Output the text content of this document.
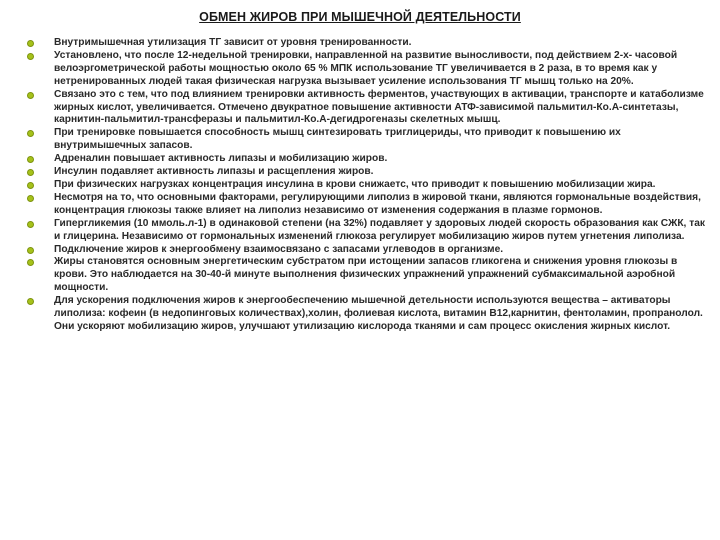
ОБМЕН ЖИРОВ ПРИ МЫШЕЧНОЙ ДЕЯТЕЛЬНОСТИ
Внутримышечная утилизация ТГ зависит от уровня тренированности.
Установлено, что после 12-недельной тренировки, направленной на развитие выносливости, под действием 2-х- часовой велоэргометрической работы мощностью около 65 % МПК использование ТГ увеличивается в 2 раза, в то время как у нетренированных людей такая физическая нагрузка вызывает усиление использования ТГ мышц только на 20%.
Связано это с тем, что под влиянием тренировки активность ферментов, участвующих в активации, транспорте и катаболизме жирных кислот, увеличивается. Отмечено двукратное повышение активности АТФ-зависимой пальмитил-Ко.А-синтетазы, карнитин-пальмитил-трансферазы и пальмитил-Ко.А-дегидрогеназы скелетных мышц.
При тренировке повышается способность мышц синтезировать триглицериды, что приводит к повышению их внутримышечных запасов.
Адреналин повышает активность липазы и мобилизацию жиров.
Инсулин подавляет активность липазы и расщепления жиров.
При физических нагрузках концентрация инсулина в крови снижаетс, что приводит к повышению мобилизации жира.
Несмотря на то, что основными факторами, регулирующими липолиз в жировой ткани, являются гормональные воздействия, концентрация глюкозы также влияет на липолиз независимо от изменения содержания в плазме гормонов.
Гипергликемия (10 ммоль.л-1) в одинаковой степени (на 32%) подавляет у здоровых людей скорость образования как СЖК, так и глицерина. Независимо от гормональных изменений глюкоза регулирует мобилизацию жиров путем угнетения липолиза.
Подключение жиров к энергообмену взаимосвязано с запасами углеводов в организме.
Жиры становятся основным энергетическим субстратом при истощении запасов гликогена и снижения уровня глюкозы в крови. Это наблюдается на 30-40-й минуте выполнения физических упражнений упражнений субмаксимальной аэробной мощности.
Для ускорения подключения жиров к энергообеспечению мышечной детельности используются вещества – активаторы липолиза: кофеин (в недопинговых количествах),холин, фолиевая кислота, витамин В12,карнитин, фентоламин, пропранолол. Они ускоряют мобилизацию жиров, улучшают утилизацию кислорода тканями и сам процесс окисления жирных кислот.
